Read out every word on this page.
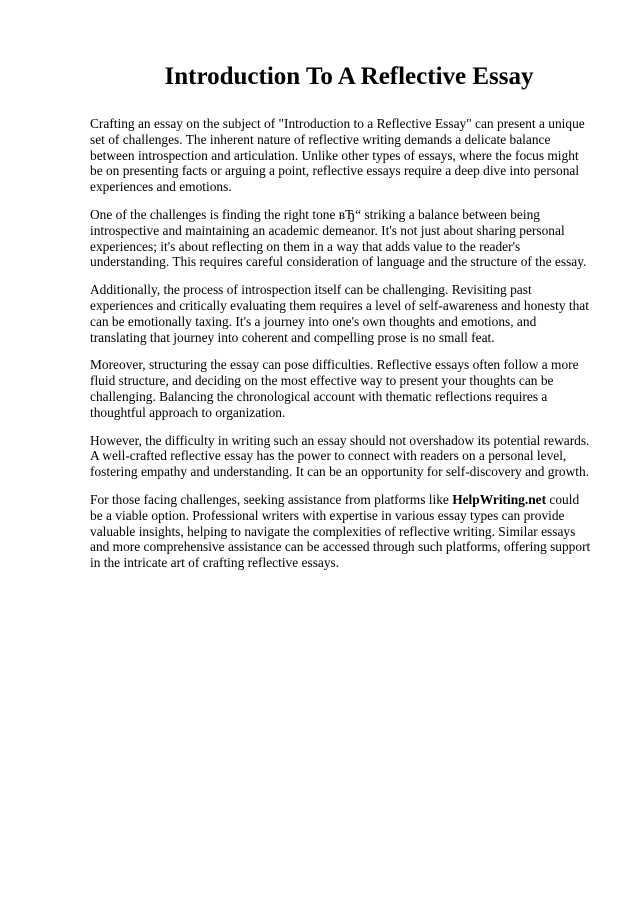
Introduction To A Reflective Essay

Crafting an essay on the subject of "Introduction to a Reflective Essay" can present a unique set of challenges. The inherent nature of reflective writing demands a delicate balance between introspection and articulation. Unlike other types of essays, where the focus might be on presenting facts or arguing a point, reflective essays require a deep dive into personal experiences and emotions.

One of the challenges is finding the right tone вЂ“ striking a balance between being introspective and maintaining an academic demeanor. It's not just about sharing personal experiences; it's about reflecting on them in a way that adds value to the reader's understanding. This requires careful consideration of language and the structure of the essay.

Additionally, the process of introspection itself can be challenging. Revisiting past experiences and critically evaluating them requires a level of self-awareness and honesty that can be emotionally taxing. It's a journey into one's own thoughts and emotions, and translating that journey into coherent and compelling prose is no small feat.

Moreover, structuring the essay can pose difficulties. Reflective essays often follow a more fluid structure, and deciding on the most effective way to present your thoughts can be challenging. Balancing the chronological account with thematic reflections requires a thoughtful approach to organization.

However, the difficulty in writing such an essay should not overshadow its potential rewards. A well-crafted reflective essay has the power to connect with readers on a personal level, fostering empathy and understanding. It can be an opportunity for self-discovery and growth.

For those facing challenges, seeking assistance from platforms like HelpWriting.net could be a viable option. Professional writers with expertise in various essay types can provide valuable insights, helping to navigate the complexities of reflective writing. Similar essays and more comprehensive assistance can be accessed through such platforms, offering support in the intricate art of crafting reflective essays.
